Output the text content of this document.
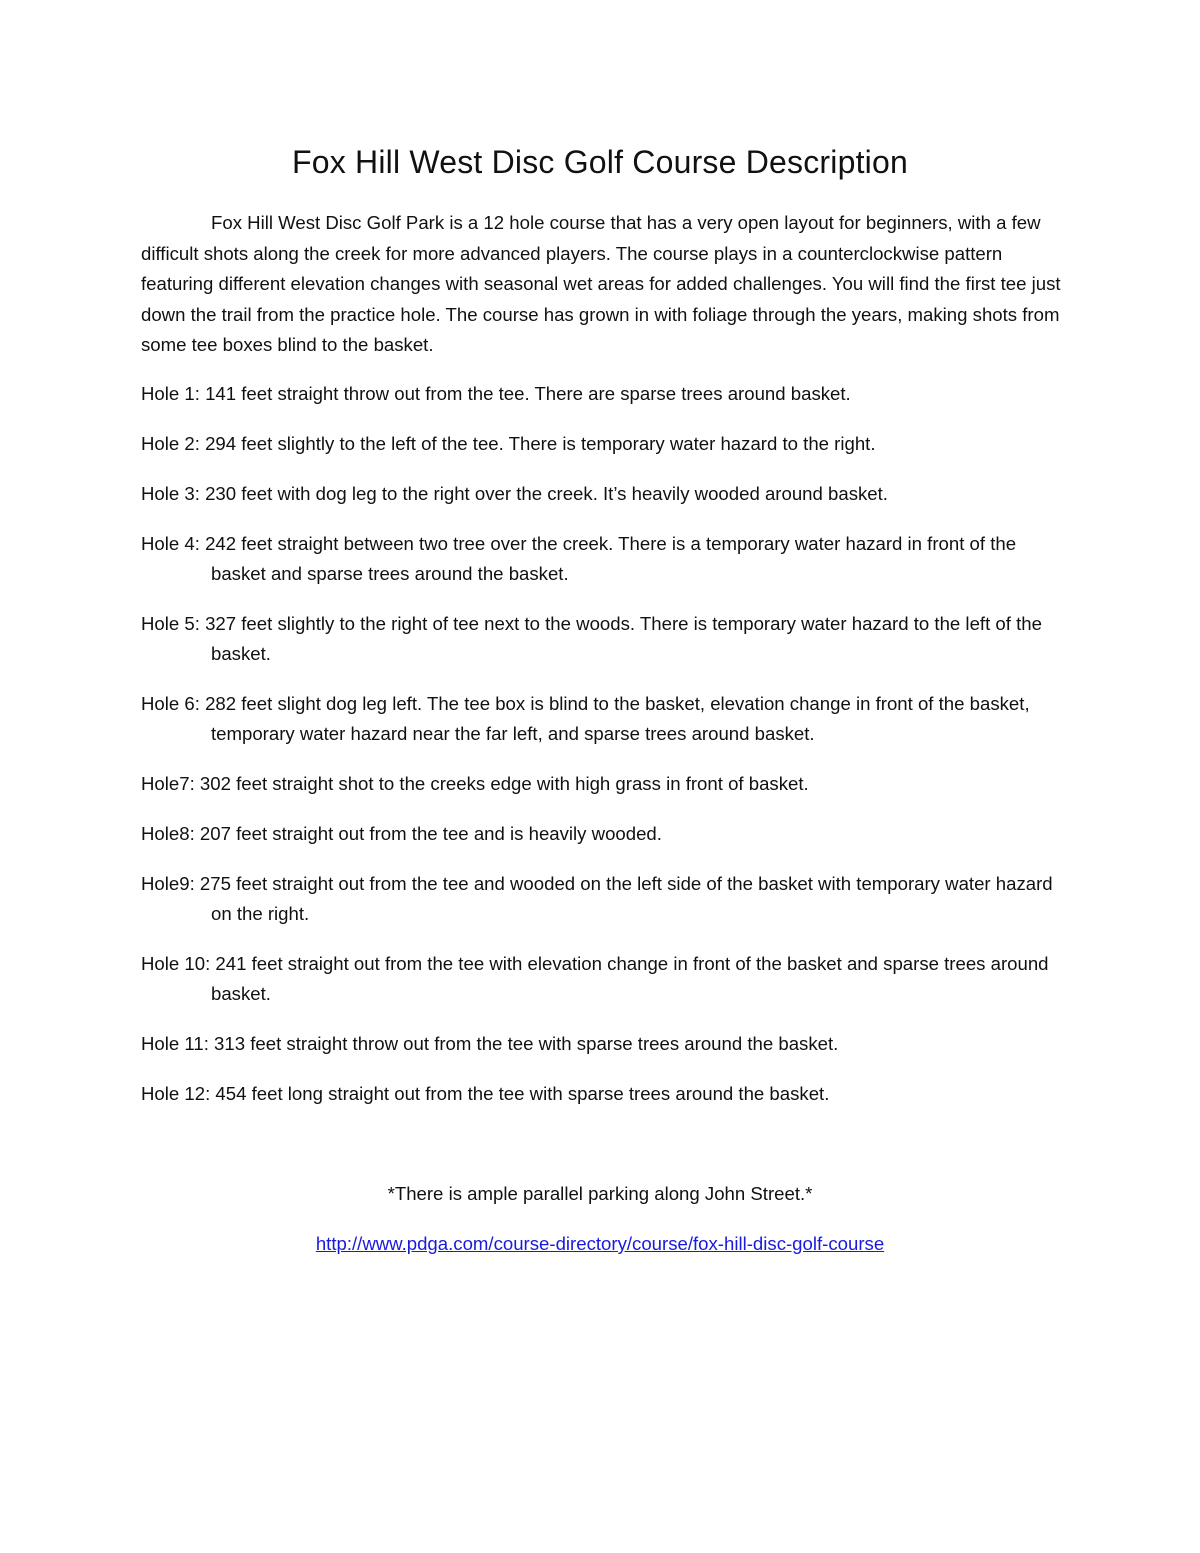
Fox Hill West Disc Golf Course Description

Fox Hill West Disc Golf Park is a 12 hole course that has a very open layout for beginners, with a few difficult shots along the creek for more advanced players. The course plays in a counterclockwise pattern featuring different elevation changes with seasonal wet areas for added challenges. You will find the first tee just down the trail from the practice hole. The course has grown in with foliage through the years, making shots from some tee boxes blind to the basket.

Hole 1: 141 feet straight throw out from the tee. There are sparse trees around basket.
Hole 2: 294 feet slightly to the left of the tee. There is temporary water hazard to the right.
Hole 3: 230 feet with dog leg to the right over the creek. It’s heavily wooded around basket.
Hole 4: 242 feet straight between two tree over the creek. There is a temporary water hazard in front of the basket and sparse trees around the basket.
Hole 5: 327 feet slightly to the right of tee next to the woods. There is temporary water hazard to the left of the basket.
Hole 6: 282 feet slight dog leg left. The tee box is blind to the basket, elevation change in front of the basket, temporary water hazard near the far left, and sparse trees around basket.
Hole7: 302 feet straight shot to the creeks edge with high grass in front of basket.
Hole8: 207 feet straight out from the tee and is heavily wooded.
Hole9: 275 feet straight out from the tee and wooded on the left side of the basket with temporary water hazard on the right.
Hole 10: 241 feet straight out from the tee with elevation change in front of the basket and sparse trees around basket.
Hole 11: 313 feet straight throw out from the tee with sparse trees around the basket.
Hole 12: 454 feet long straight out from the tee with sparse trees around the basket.
*There is ample parallel parking along John Street.*
http://www.pdga.com/course-directory/course/fox-hill-disc-golf-course
